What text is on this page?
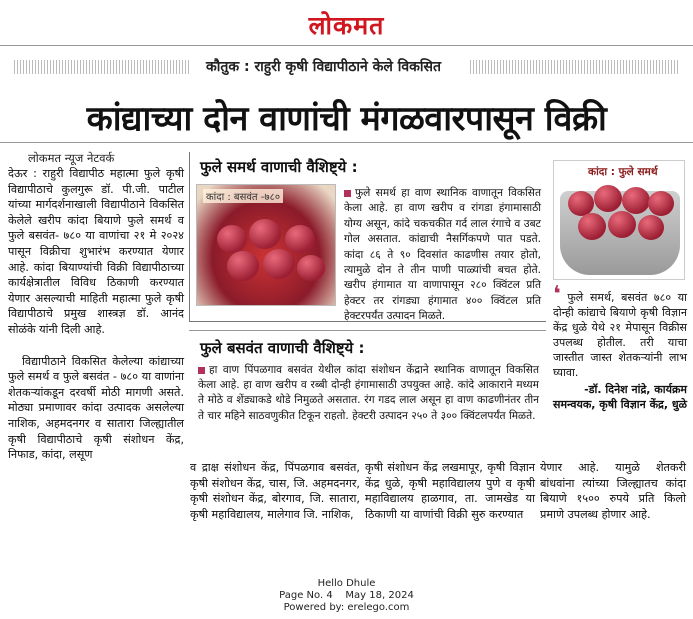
लोकमत
कौतुक : राहुरी कृषी विद्यापीठाने केले विकसित
कांद्याच्या दोन वाणांची मंगळवारपासून विक्री
लोकमत न्यूज नेटवर्क

देऊर : राहुरी विद्यापीठ महात्मा फुले कृषी विद्यापीठाचे कुलगुरू डॉ. पी.जी. पाटील यांच्या मार्गदर्शनाखाली विद्यापीठाने विकसित केलेले खरीप कांदा बियाणे फुले समर्थ व फुले बसवंत- ७८० या वाणांचा २१ मे २०२४ पासून विक्रीचा शुभारंभ करण्यात येणार आहे. कांदा बियाण्यांची विक्री विद्यापीठाच्या कार्यक्षेत्रातील विविध ठिकाणी करण्यात येणार असल्याची माहिती महात्मा फुले कृषी विद्यापीठाचे प्रमुख शास्त्रज्ञ डॉ. आनंद सोळंके यांनी दिली आहे.

विद्यापीठाने विकसित केलेल्या कांद्याच्या फुले समर्थ व फुले बसवंत - ७८० या वाणांना शेतकऱ्यांकडून दरवर्षी मोठी मागणी असते. मोठ्या प्रमाणावर कांदा उत्पादक असलेल्या नाशिक, अहमदनगर व सातारा जिल्ह्यातील कृषी विद्यापीठाचे कृषी संशोधन केंद्र, निफाड, कांदा, लसूण

फुले समर्थ वाणाची वैशिष्ट्ये :
कांदा : बसवंत -७८०	फुले समर्थ हा वाण स्थानिक वाणातून विकसित केला आहे. हा वाण खरीप व रांगडा हंगामासाठी योग्य असून, कांदे चकचकीत गर्द लाल रंगाचे व उबट गोल असतात. कांद्याची नैसर्गिकपणे पात पडते. कांदा ८६ ते ९० दिवसांत काढणीस तयार होतो, त्यामुळे दोन ते तीन पाणी पाळ्यांची बचत होते. खरीप हंगामात या वाणापासून २८० क्विंटल प्रति हेक्टर तर रांगड्या हंगामात ४०० क्विंटल प्रति हेक्टरपर्यंत उत्पादन मिळते.
फुले बसवंत वाणाची वैशिष्ट्ये :
हा वाण पिंपळगाव बसवंत येथील कांदा संशोधन केंद्राने स्थानिक वाणातून विकसित केला आहे. हा वाण खरीप व रब्बी दोन्ही हंगामासाठी उपयुक्त आहे. कांदे आकाराने मध्यम ते मोठे व शेंड्याकडे थोडे निमुळते असतात. रंग गडद लाल असून हा वाण काढणीनंतर तीन ते चार महिने साठवणुकीत टिकून राहतो. हेक्टरी उत्पादन २५० ते ३०० क्विंटलपर्यंत मिळते.
कांदा : फुले समर्थ
❛ फुले समर्थ, बसवंत ७८० या दोन्ही कांद्याचे बियाणे कृषी विज्ञान केंद्र धुळे येथे २१ मेपासून विक्रीस उपलब्ध होतील. तरी याचा जास्तीत जास्त शेतकऱ्यांनी लाभ घ्यावा.
-डॉ. दिनेश नांद्रे, कार्यक्रम समन्वयक, कृषी विज्ञान केंद्र, धुळे

व द्राक्ष संशोधन केंद्र, पिंपळगाव बसवंत, कृषी संशोधन केंद्र, चास, जि. अहमदनगर, कृषी संशोधन केंद्र, बोरगाव, जि. सातारा, कृषी महाविद्यालय, मालेगाव जि. नाशिक,

कृषी संशोधन केंद्र लखमापूर, कृषी विज्ञान केंद्र धुळे, कृषी महाविद्यालय पुणे व कृषी महाविद्यालय हाळगाव, ता. जामखेड या ठिकाणी या वाणांची विक्री सुरु करण्यात

येणार आहे. यामुळे शेतकरी बांधवांना त्यांच्या जिल्ह्यातच कांदा बियाणे १५०० रुपये प्रति किलो प्रमाणे उपलब्ध होणार आहे.

Hello Dhule
Page No. 4    May 18, 2024
Powered by: erelego.com
